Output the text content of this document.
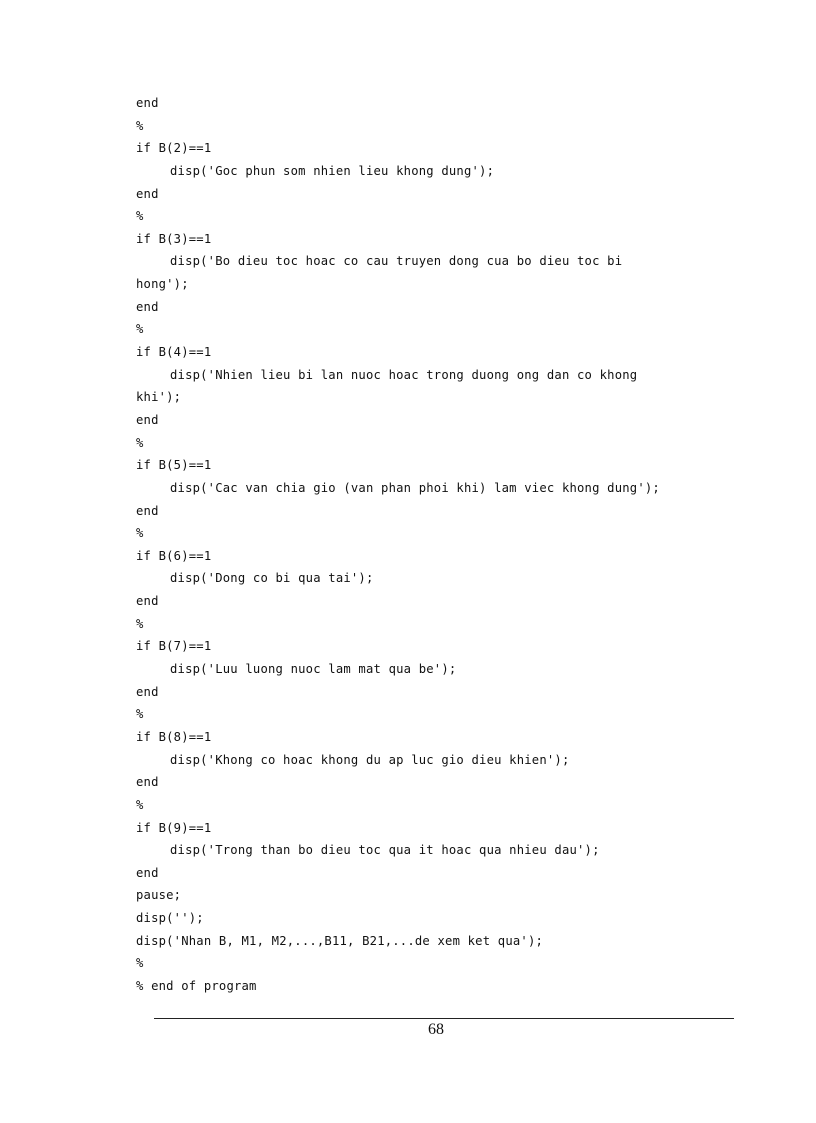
end
%
if B(2)==1
disp('Goc phun som nhien lieu khong dung');
end
%
if B(3)==1
disp('Bo dieu toc hoac co cau truyen dong cua bo dieu toc bi
hong');
end
%
if B(4)==1
disp('Nhien lieu bi lan nuoc hoac trong duong ong dan co khong
khi');
end
%
if B(5)==1
disp('Cac van chia gio (van phan phoi khi) lam viec khong dung');
end
%
if B(6)==1
disp('Dong co bi qua tai');
end
%
if B(7)==1
disp('Luu luong nuoc lam mat qua be');
end
%
if B(8)==1
disp('Khong co hoac khong du ap luc gio dieu khien');
end
%
if B(9)==1
disp('Trong than bo dieu toc qua it hoac qua nhieu dau');
end
pause;
disp('');
disp('Nhan B, M1, M2,...,B11, B21,...de xem ket qua');
%
% end of program
68
